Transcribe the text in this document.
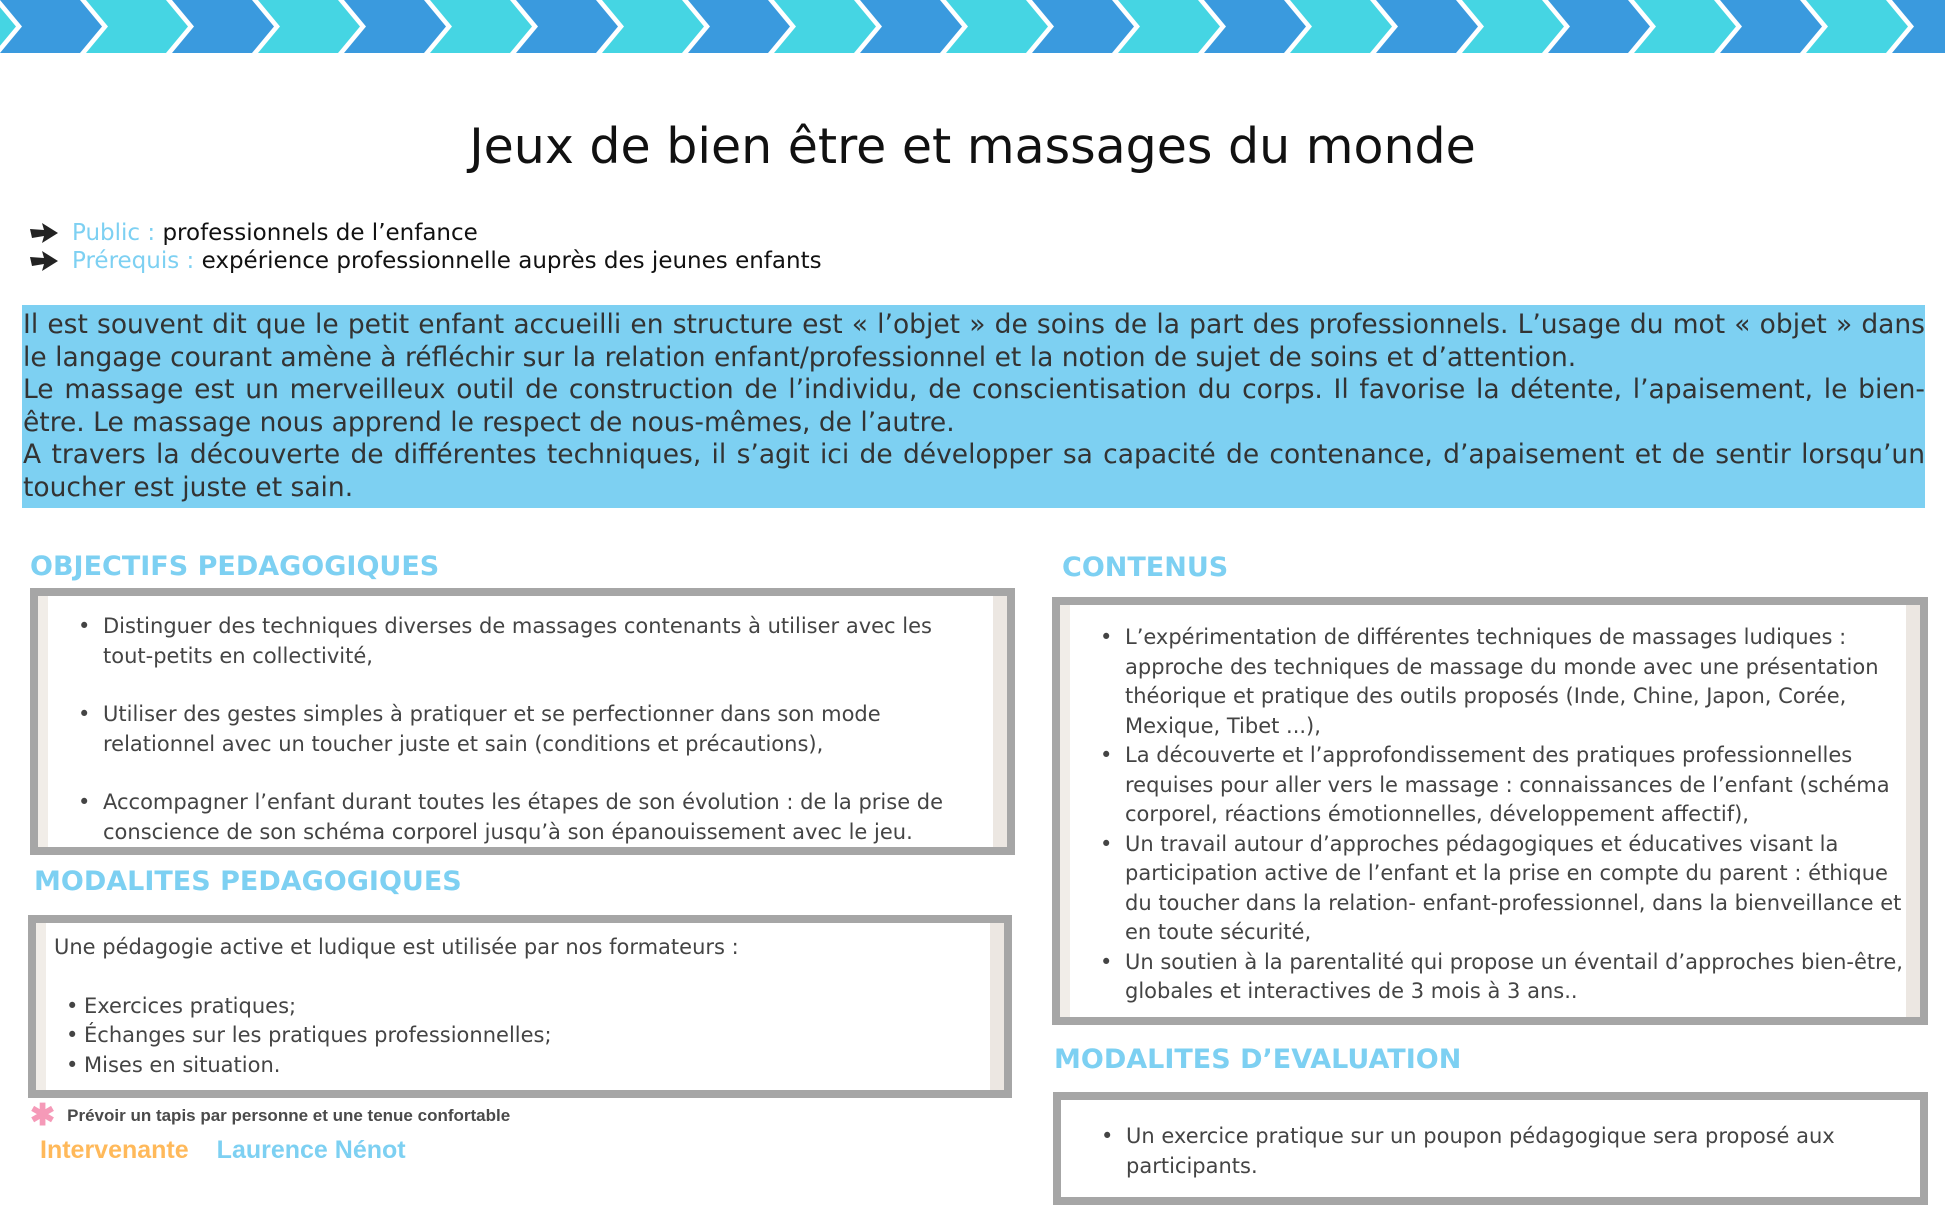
Jeux de bien être et massages du monde
Public : professionnels de l’enfance
Prérequis : expérience professionnelle auprès des jeunes enfants

Il est souvent dit que le petit enfant accueilli en structure est « l’objet » de soins de la part des professionnels. L’usage du mot « objet » dans le langage courant amène à réfléchir sur la relation enfant/professionnel et la notion de sujet de soins et d’attention.

Le massage est un merveilleux outil de construction de l’individu, de conscientisation du corps. Il favorise la détente, l’apaisement, le bien-être. Le massage nous apprend le respect de nous-mêmes, de l’autre.

A travers la découverte de différentes techniques, il s’agit ici de développer sa capacité de contenance, d’apaisement et de sentir lorsqu’un toucher est juste et sain.

OBJECTIFS PEDAGOGIQUES
• Distinguer des techniques diverses de massages contenants à utiliser avec les tout-petits en collectivité,
• Utiliser des gestes simples à pratiquer et se perfectionner dans son mode relationnel avec un toucher juste et sain (conditions et précautions),
• Accompagner l’enfant durant toutes les étapes de son évolution : de la prise de conscience de son schéma corporel jusqu’à son épanouissement avec le jeu.
MODALITES PEDAGOGIQUES
Une pédagogie active et ludique est utilisée par nos formateurs :
• Exercices pratiques;
• Échanges sur les pratiques professionnelles;
• Mises en situation.
✱ Prévoir un tapis par personne et une tenue confortable
Intervenante Laurence Nénot
CONTENUS
• L’expérimentation de différentes techniques de massages ludiques : approche des techniques de massage du monde avec une présentation théorique et pratique des outils proposés (Inde, Chine, Japon, Corée, Mexique, Tibet ...),
• La découverte et l’approfondissement des pratiques professionnelles requises pour aller vers le massage : connaissances de l’enfant (schéma corporel, réactions émotionnelles, développement affectif),
• Un travail autour d’approches pédagogiques et éducatives visant la participation active de l’enfant et la prise en compte du parent : éthique du toucher dans la relation- enfant-professionnel, dans la bienveillance et en toute sécurité,
• Un soutien à la parentalité qui propose un éventail d’approches bien-être, globales et interactives de 3 mois à 3 ans..
MODALITES D’EVALUATION
• Un exercice pratique sur un poupon pédagogique sera proposé aux participants.
